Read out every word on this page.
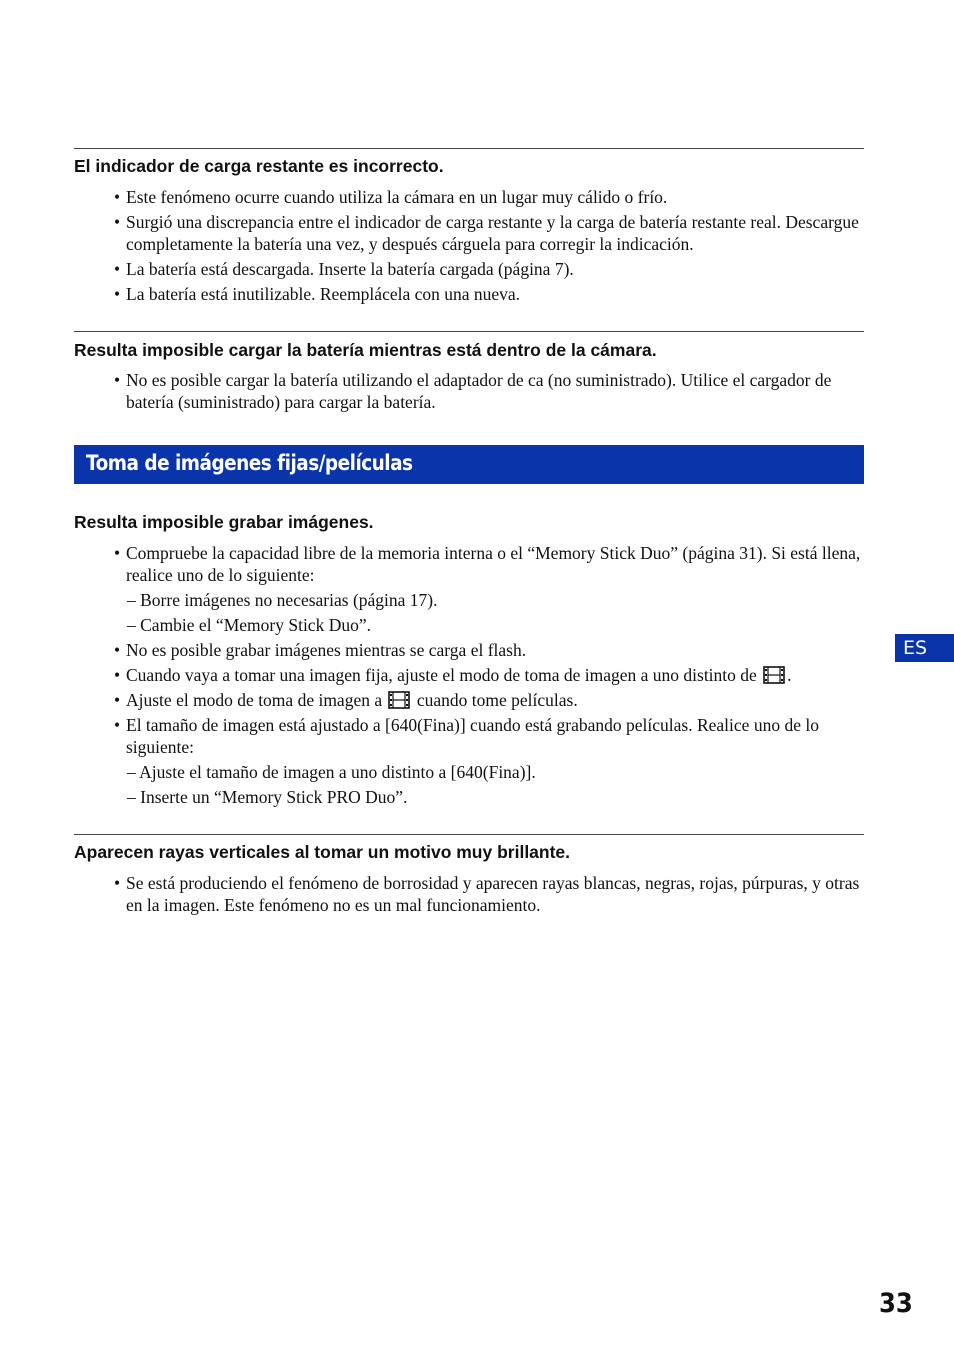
El indicador de carga restante es incorrecto.
• Este fenómeno ocurre cuando utiliza la cámara en un lugar muy cálido o frío.
• Surgió una discrepancia entre el indicador de carga restante y la carga de batería restante real. Descargue completamente la batería una vez, y después cárguela para corregir la indicación.
• La batería está descargada. Inserte la batería cargada (página 7).
• La batería está inutilizable. Reemplácela con una nueva.
Resulta imposible cargar la batería mientras está dentro de la cámara.
• No es posible cargar la batería utilizando el adaptador de ca (no suministrado). Utilice el cargador de batería (suministrado) para cargar la batería.
Toma de imágenes fijas/películas
Resulta imposible grabar imágenes.
• Compruebe la capacidad libre de la memoria interna o el “Memory Stick Duo” (página 31). Si está llena, realice uno de lo siguiente:
– Borre imágenes no necesarias (página 17).
– Cambie el “Memory Stick Duo”.
• No es posible grabar imágenes mientras se carga el flash.
• Cuando vaya a tomar una imagen fija, ajuste el modo de toma de imagen a uno distinto de .
• Ajuste el modo de toma de imagen a cuando tome películas.
• El tamaño de imagen está ajustado a [640(Fina)] cuando está grabando películas. Realice uno de lo siguiente:
– Ajuste el tamaño de imagen a uno distinto a [640(Fina)].
– Inserte un “Memory Stick PRO Duo”.
Aparecen rayas verticales al tomar un motivo muy brillante.
• Se está produciendo el fenómeno de borrosidad y aparecen rayas blancas, negras, rojas, púrpuras, y otras en la imagen. Este fenómeno no es un mal funcionamiento.
ES
33
